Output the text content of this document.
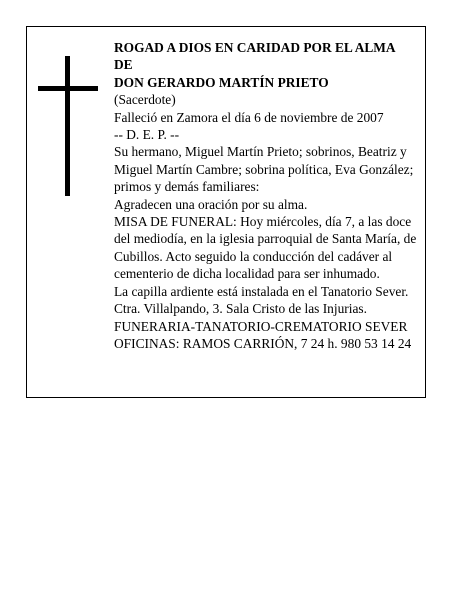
ROGAD A DIOS EN CARIDAD POR EL ALMA
DE
DON GERARDO MARTÍN PRIETO
(Sacerdote)
Falleció en Zamora el día 6 de noviembre de 2007
-- D. E. P. --
Su hermano, Miguel Martín Prieto; sobrinos, Beatriz y Miguel Martín Cambre; sobrina política, Eva González; primos y demás familiares:
Agradecen una oración por su alma.
MISA DE FUNERAL: Hoy miércoles, día 7, a las doce del mediodía, en la iglesia parroquial de Santa María, de Cubillos. Acto seguido la conducción del cadáver al cementerio de dicha localidad para ser inhumado.
La capilla ardiente está instalada en el Tanatorio Sever. Ctra. Villalpando, 3. Sala Cristo de las Injurias.
FUNERARIA-TANATORIO-CREMATORIO SEVER
OFICINAS: RAMOS CARRIÓN, 7 24 h. 980 53 14 24
